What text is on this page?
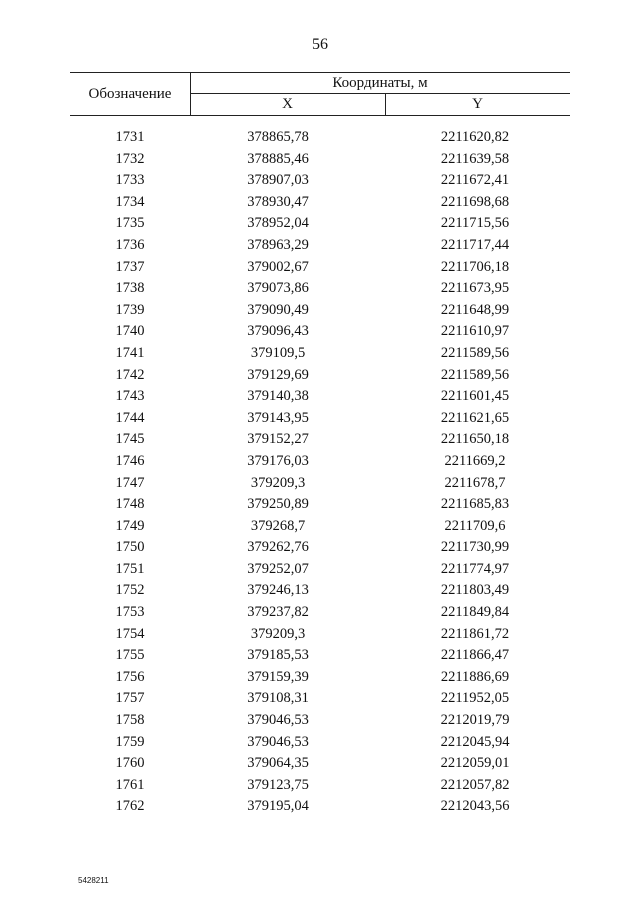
56
Обозначение
Координаты, м
X	Y
1731	378865,78	2211620,82
1732	378885,46	2211639,58
1733	378907,03	2211672,41
1734	378930,47	2211698,68
1735	378952,04	2211715,56
1736	378963,29	2211717,44
1737	379002,67	2211706,18
1738	379073,86	2211673,95
1739	379090,49	2211648,99
1740	379096,43	2211610,97
1741	379109,5	2211589,56
1742	379129,69	2211589,56
1743	379140,38	2211601,45
1744	379143,95	2211621,65
1745	379152,27	2211650,18
1746	379176,03	2211669,2
1747	379209,3	2211678,7
1748	379250,89	2211685,83
1749	379268,7	2211709,6
1750	379262,76	2211730,99
1751	379252,07	2211774,97
1752	379246,13	2211803,49
1753	379237,82	2211849,84
1754	379209,3	2211861,72
1755	379185,53	2211866,47
1756	379159,39	2211886,69
1757	379108,31	2211952,05
1758	379046,53	2212019,79
1759	379046,53	2212045,94
1760	379064,35	2212059,01
1761	379123,75	2212057,82
1762	379195,04	2212043,56
5428211
